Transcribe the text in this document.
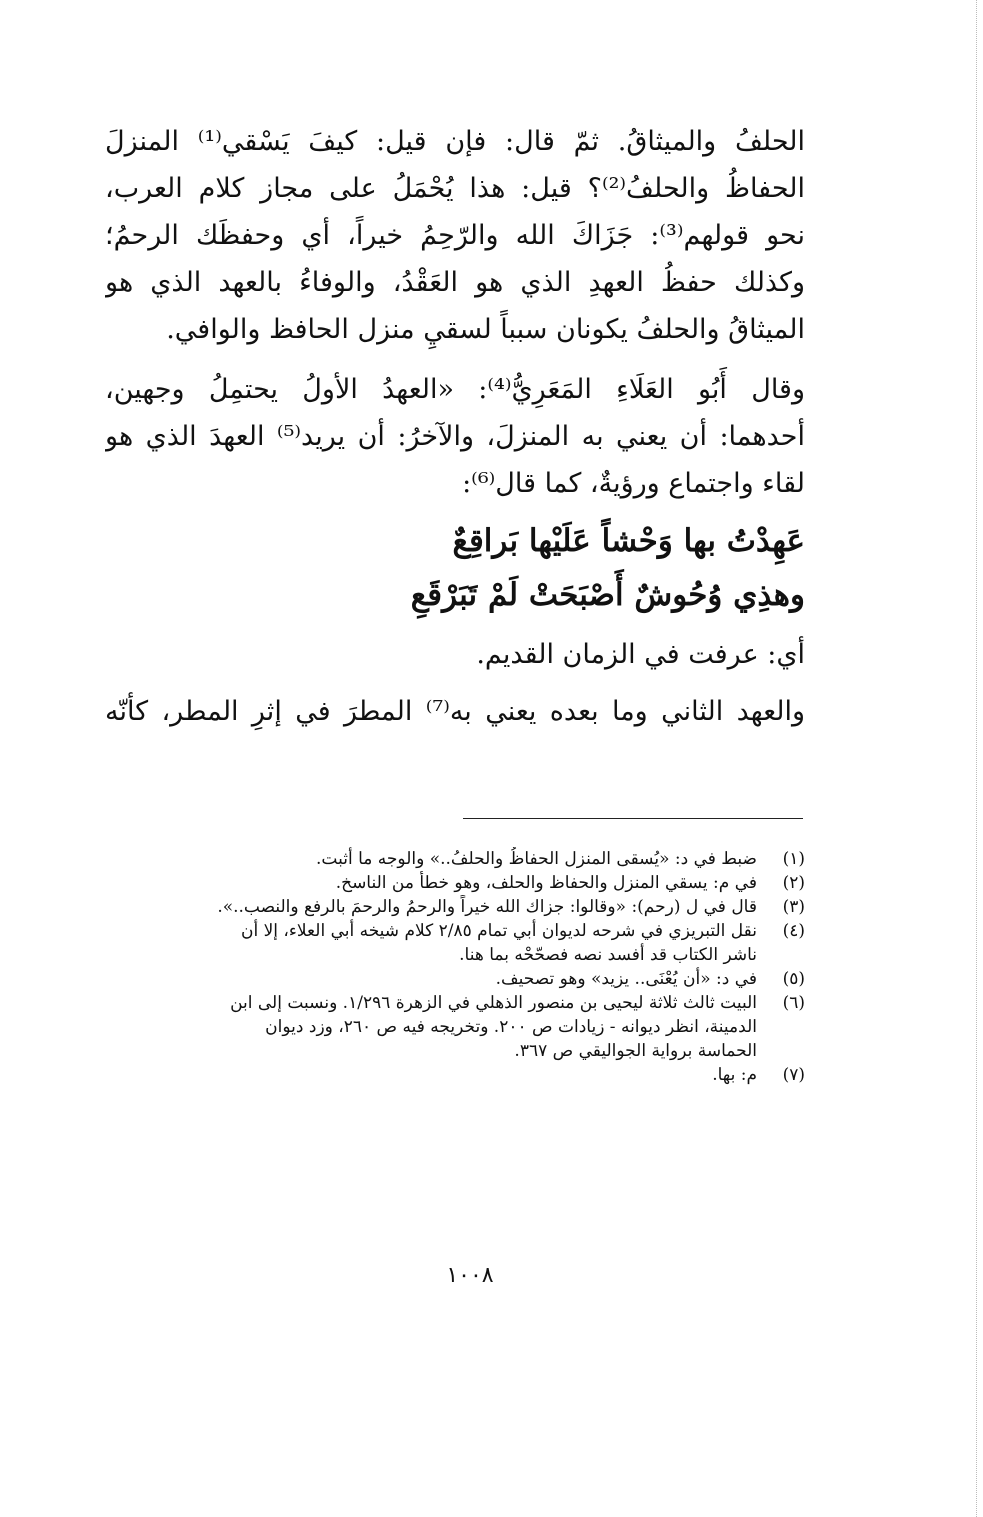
الحلفُ والميثاقُ. ثمّ قال: فإن قيل: كيفَ يَسْقي⁽¹⁾ المنزلَ
الحفاظُ والحلفُ⁽²⁾؟ قيل: هذا يُحْمَلُ على مجاز كلام العرب،
نحو قولهم⁽³⁾: جَزَاكَ الله والرّحِمُ خيراً، أي وحفظَك الرحمُ؛
وكذلك حفظُ العهدِ الذي هو العَقْدُ، والوفاءُ بالعهد الذي هو
الميثاقُ والحلفُ يكونان سبباً لسقيِ منزل الحافظ والوافي.
وقال أَبُو العَلَاءِ المَعَرِيُّ⁽⁴⁾: «العهدُ الأولُ يحتمِلُ وجهين،
أحدهما: أن يعني به المنزلَ، والآخرُ: أن يريد⁽⁵⁾ العهدَ الذي هو
لقاء واجتماع ورؤيةٌ، كما قال⁽⁶⁾:
عَهِدْتُ بها وَحْشاً عَلَيْها بَراقِعٌ
وهذِي وُحُوشٌ أَصْبَحَتْ لَمْ تَبَرْقَعِ
أي: عرفت في الزمان القديم.
والعهد الثاني وما بعده يعني به⁽⁷⁾ المطرَ في إثرِ المطر، كأنّه
(١)
ضبط في د: «يُسقى المنزل الحفاظُ والحلفُ..» والوجه ما أثبت.
(٢)
في م: يسقي المنزل والحفاظ والحلف، وهو خطأ من الناسخ.
(٣)
قال في ل (رحم): «وقالوا: جزاك الله خيراً والرحمُ والرحمَ بالرفع والنصب..».
(٤)
نقل التبريزي في شرحه لديوان أبي تمام ٢/٨٥ كلام شيخه أبي العلاء، إلا أن
ناشر الكتاب قد أفسد نصه فصحّحْه بما هنا.
(٥)
في د: «أن يُعْنَى.. يزيد» وهو تصحيف.
(٦)
البيت ثالث ثلاثة ليحيى بن منصور الذهلي في الزهرة ١/٢٩٦. ونسبت إلى ابن
الدمينة، انظر ديوانه - زيادات ص ٢٠٠. وتخريجه فيه ص ٢٦٠، وزد ديوان
الحماسة برواية الجواليقي ص ٣٦٧.
(٧)
م: بها.
١٠٠٨
